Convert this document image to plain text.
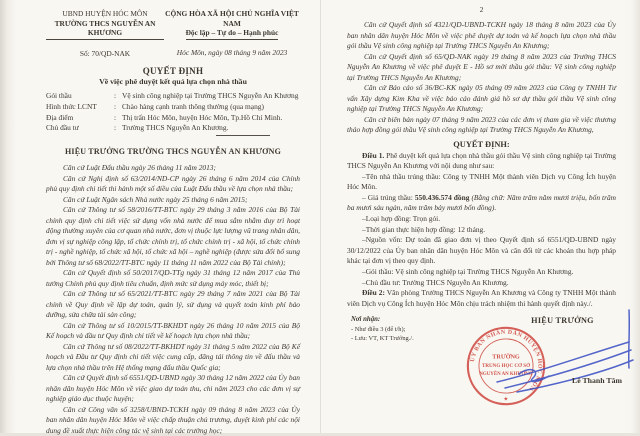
UBND HUYỆN HÓC MÔN
TRƯỜNG THCS NGUYỄN AN KHƯƠNG
Số: 70/QD-NAK
CỘNG HÒA XÃ HỘI CHỦ NGHĨA VIỆT NAM
Độc lập – Tự do – Hạnh phúc
Hóc Môn, ngày 08 tháng 9 năm 2023
QUYẾT ĐỊNH
Về việc phê duyệt kết quả lựa chọn nhà thầu
Gói thầu	: Vệ sinh công nghiệp tại Trường THCS Nguyễn An Khương
Hình thức LCNT	: Chào hàng cạnh tranh thông thường (qua mạng)
Địa điểm	: Thị trấn Hóc Môn, huyện Hóc Môn, Tp.Hồ Chí Minh.
Chủ đầu tư	: Trường THCS Nguyễn An Khương.
HIỆU TRƯỞNG TRƯỜNG THCS NGUYỄN AN KHƯƠNG

Căn cứ Luật Đấu thầu ngày 26 tháng 11 năm 2013;

Căn cứ Nghị định số 63/2014/ND-CP ngày 26 tháng 6 năm 2014 của Chính phủ quy định chi tiết thi hành một số điều của Luật Đấu thầu về lựa chọn nhà thầu;

Căn cứ Luật Ngân sách Nhà nước ngày 25 tháng 6 năm 2015;

Căn cứ Thông tư số 58/2016/TT-BTC ngày 29 tháng 3 năm 2016 của Bộ Tài chính quy định chi tiết việc sử dụng vốn nhà nước để mua sắm nhằm duy trì hoạt động thường xuyên của cơ quan nhà nước, đơn vị thuộc lực lượng vũ trang nhân dân, đơn vị sự nghiệp công lập, tổ chức chính trị, tổ chức chính trị - xã hội, tổ chức chính trị - nghề nghiệp, tổ chức xã hội, tổ chức xã hội – nghề nghiệp (được sửa đổi bổ sung bởi Thông tư số 68/2022/TT-BTC ngày 11 tháng 11 năm 2022 của Bộ Tài chính);

Căn cứ Quyết định số 50/2017/QD-TTg ngày 31 tháng 12 năm 2017 của Thủ tướng Chính phủ quy định tiêu chuẩn, định mức sử dụng máy móc, thiết bị;

Căn cứ Thông tư số 65/2021/TT-BTC ngày 29 tháng 7 năm 2021 của Bộ Tài chính về Quy định về lập dự toán, quản lý, sử dụng và quyết toán kinh phí bảo dưỡng, sửa chữa tài sản công;

Căn cứ Thông tư số 10/2015/TT-BKHDT ngày 26 tháng 10 năm 2015 của Bộ Kế hoạch và đầu tư Quy định chi tiết về kế hoạch lựa chọn nhà thầu;

Căn cứ Thông tư số 08/2022/TT-BKHDT ngày 31 tháng 5 năm 2022 của Bộ Kế hoạch và Đầu tư Quy định chi tiết việc cung cấp, đăng tải thông tin về đấu thầu và lựa chọn nhà thầu trên Hệ thống mạng đấu thầu Quốc gia;

Căn cứ Quyết định số 6551/QD-UBND ngày 30 tháng 12 năm 2022 của Ủy ban nhân dân huyện Hóc Môn về việc giao dự toán thu, chi năm 2023 cho các đơn vị sự nghiệp giáo dục thuộc huyện;

Căn cứ Công văn số 3258/UBND-TCKH ngày 09 tháng 8 năm 2023 của Ủy ban nhân dân huyện Hóc Môn về việc chấp thuận chủ trương, duyệt kinh phí các nội dung đề xuất thực hiện công tác vệ sinh tại các trường học;

2

Căn cứ Quyết định số 4321/QD-UBND-TCKH ngày 18 tháng 8 năm 2023 của Ủy ban nhân dân huyện Hóc Môn về việc phê duyệt dự toán và kế hoạch lựa chọn nhà thầu gói thầu Vệ sinh công nghiệp tại Trường THCS Nguyễn An Khương;

Căn cứ Quyết định số 65/QD-NAK ngày 19 tháng 8 năm 2023 của Trường THCS Nguyễn An Khương về việc phê duyệt E - Hồ sơ mời thầu gói thầu: Vệ sinh công nghiệp tại Trường THCS Nguyễn An Khương;

Căn cứ Báo cáo số 36/BC-KK ngày 05 tháng 09 năm 2023 của Công ty TNHH Tư vấn Xây dựng Kim Kha về việc báo cáo đánh giá hồ sơ dự thầu gói thầu Vệ sinh công nghiệp tại Trường THCS Nguyễn An Khương;

Căn cứ biên bản ngày 07 tháng 9 năm 2023 của các đơn vị tham gia về việc thương thảo hợp đồng gói thầu Vệ sinh công nghiệp tại Trường THCS Nguyễn An Khương,

QUYẾT ĐỊNH:

Điều 1. Phê duyệt kết quả lựa chọn nhà thầu gói thầu Vệ sinh công nghiệp tại Trường THCS Nguyễn An Khương với nội dung như sau:

–Tên nhà thầu trúng thầu: Công ty TNHH Một thành viên Dịch vụ Công Ích huyện Hóc Môn.

– Giá trúng thầu: 550.436.574 đồng (Bằng chữ: Năm trăm năm mươi triệu, bốn trăm ba mươi sáu ngàn, năm trăm bảy mươi bốn đồng).

–Loại hợp đồng: Trọn gói.

–Thời gian thực hiện hợp đồng: 12 tháng.

–Nguồn vốn: Dự toán đã giao đơn vị theo Quyết định số 6551/QD-UBND ngày 30/12/2022 của Ủy ban nhân dân huyện Hóc Môn và cân đối từ các khoản thu hợp pháp khác tại đơn vị theo quy định.

–Gói thầu: Vệ sinh công nghiệp tại Trường THCS Nguyễn An Khương.

–Chủ đầu tư: Trường THCS Nguyễn An Khương.

Điều 2: Văn phòng Trường THCS Nguyễn An Khương và Công ty TNHH Một thành viên Dịch vụ Công Ích huyện Hóc Môn chịu trách nhiệm thi hành quyết định này./.

Nơi nhận:
- Như điều 3 (để t/h);
- Lưu: VT, KT Trưởng./.
HIỆU TRƯỞNG
ỦY BAN NHÂN DÂN HUYỆN HÓC MÔN
TRƯỜNG
TRUNG HỌC CƠ SỞ
NGUYỄN AN KHƯƠNG
★
Lê Thanh Tâm
